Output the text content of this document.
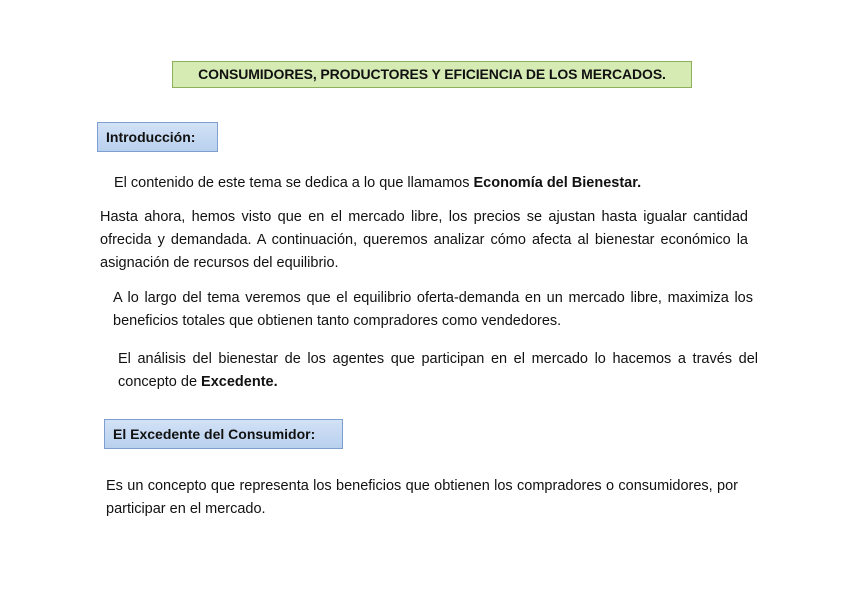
CONSUMIDORES, PRODUCTORES Y EFICIENCIA DE LOS MERCADOS.
Introducción:

El contenido de este tema se dedica a lo que llamamos Economía del Bienestar.

Hasta ahora, hemos visto que en el mercado libre, los precios se ajustan hasta igualar cantidad ofrecida y demandada. A continuación, queremos analizar cómo afecta al bienestar económico la asignación de recursos del equilibrio.

A lo largo del tema veremos que el equilibrio oferta-demanda en un mercado libre, maximiza los beneficios totales que obtienen tanto compradores como vendedores.

El análisis del bienestar de los agentes que participan en el mercado lo hacemos a través del concepto de Excedente.

El Excedente del Consumidor:

Es un concepto que representa los beneficios que obtienen los compradores o consumidores, por participar en el mercado.
